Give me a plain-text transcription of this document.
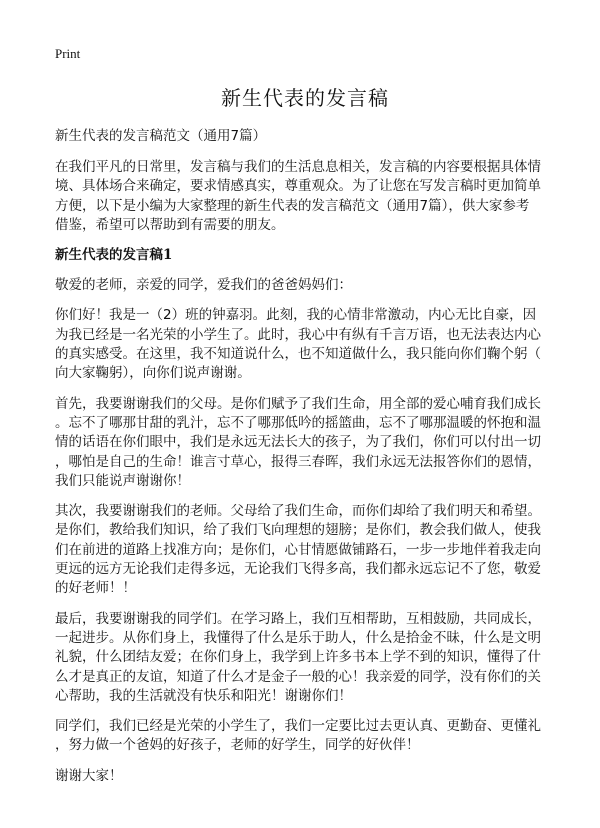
Print
新生代表的发言稿
新生代表的发言稿范文（通用7篇）

在我们平凡的日常里，发言稿与我们的生活息息相关，发言稿的内容要根据具体情
境、具体场合来确定，要求情感真实，尊重观众。为了让您在写发言稿时更加简单
方便，以下是小编为大家整理的新生代表的发言稿范文（通用7篇），供大家参考
借鉴，希望可以帮助到有需要的朋友。

新生代表的发言稿1

敬爱的老师，亲爱的同学，爱我们的爸爸妈妈们：

你们好！我是一（2）班的钟嘉羽。此刻，我的心情非常激动，内心无比自豪，因
为我已经是一名光荣的小学生了。此时，我心中有纵有千言万语，也无法表达内心
的真实感受。在这里，我不知道说什么，也不知道做什么，我只能向你们鞠个躬（
向大家鞠躬），向你们说声谢谢。

首先，我要谢谢我们的父母。是你们赋予了我们生命，用全部的爱心哺育我们成长
。忘不了哪那甘甜的乳汁，忘不了哪那低吟的摇篮曲，忘不了哪那温暖的怀抱和温
情的话语在你们眼中，我们是永远无法长大的孩子，为了我们，你们可以付出一切
，哪怕是自己的生命！谁言寸草心，报得三春晖，我们永远无法报答你们的恩情，
我们只能说声谢谢你！

其次，我要谢谢我们的老师。父母给了我们生命，而你们却给了我们明天和希望。
是你们，教给我们知识，给了我们飞向理想的翅膀；是你们，教会我们做人，使我
们在前进的道路上找准方向；是你们，心甘情愿做铺路石，一步一步地伴着我走向
更远的远方无论我们走得多远，无论我们飞得多高，我们都永远忘记不了您，敬爱
的好老师！！

最后，我要谢谢我的同学们。在学习路上，我们互相帮助，互相鼓励，共同成长，
一起进步。从你们身上，我懂得了什么是乐于助人，什么是拾金不昧，什么是文明
礼貌，什么团结友爱；在你们身上，我学到上许多书本上学不到的知识，懂得了什
么才是真正的友谊，知道了什么才是金子一般的心！我亲爱的同学，没有你们的关
心帮助，我的生活就没有快乐和阳光！谢谢你们！

同学们，我们已经是光荣的小学生了，我们一定要比过去更认真、更勤奋、更懂礼
，努力做一个爸妈的好孩子，老师的好学生，同学的好伙伴！

谢谢大家！
